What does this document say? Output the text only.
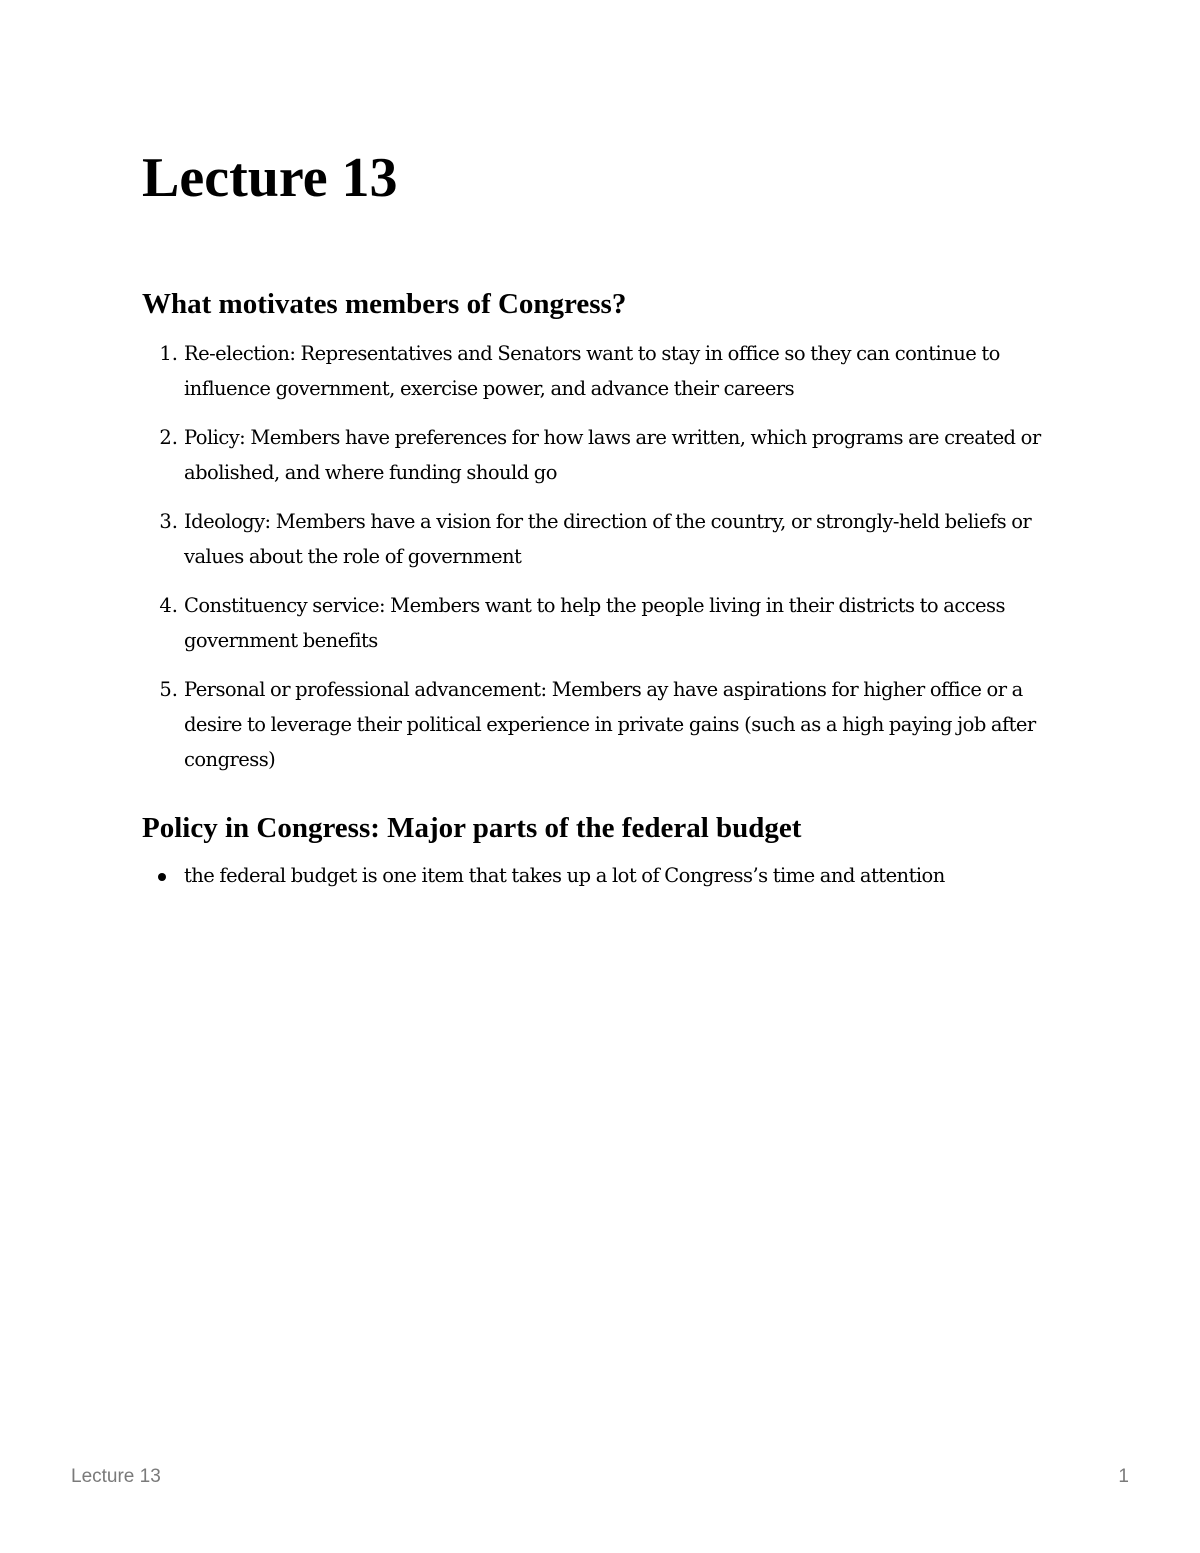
Lecture 13
What motivates members of Congress?
1. Re-election: Representatives and Senators want to stay in office so they can continue to influence government, exercise power, and advance their careers
2. Policy: Members have preferences for how laws are written, which programs are created or abolished, and where funding should go
3. Ideology: Members have a vision for the direction of the country, or strongly-held beliefs or values about the role of government
4. Constituency service: Members want to help the people living in their districts to access government benefits
5. Personal or professional advancement: Members ay have aspirations for higher office or a desire to leverage their political experience in private gains (such as a high paying job after congress)
Policy in Congress: Major parts of the federal budget
the federal budget is one item that takes up a lot of Congress’s time and attention
Lecture 13	1
